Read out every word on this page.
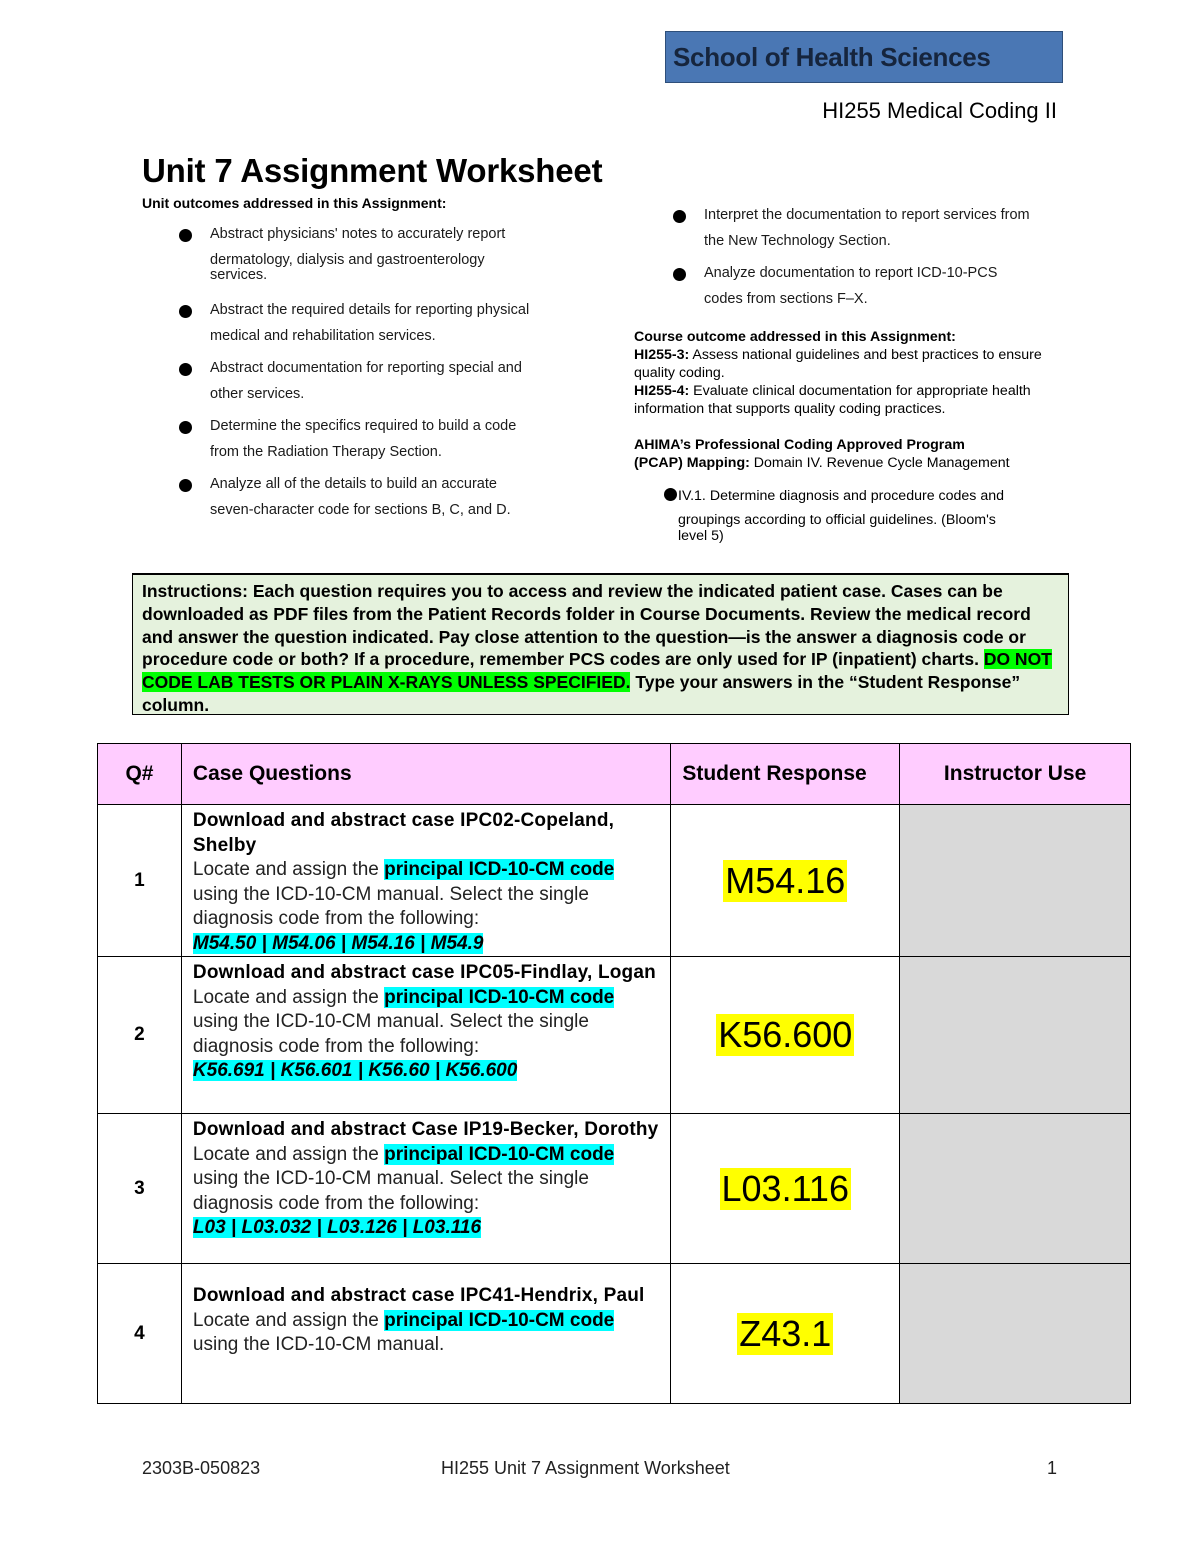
School of Health Sciences
HI255 Medical Coding II
Unit 7 Assignment Worksheet
Unit outcomes addressed in this Assignment:
Abstract physicians' notes to accurately report
dermatology, dialysis and gastroenterology
services.
Abstract the required details for reporting physical
medical and rehabilitation services.
Abstract documentation for reporting special and
other services.
Determine the specifics required to build a code
from the Radiation Therapy Section.
Analyze all of the details to build an accurate
seven-character code for sections B, C, and D.
Interpret the documentation to report services from
the New Technology Section.
Analyze documentation to report ICD-10-PCS
codes from sections F–X.
Course outcome addressed in this Assignment:
HI255-3: Assess national guidelines and best practices to ensure quality coding.
HI255-4: Evaluate clinical documentation for appropriate health information that supports quality coding practices.
AHIMA’s Professional Coding Approved Program
(PCAP) Mapping: Domain IV. Revenue Cycle Management
IV.1. Determine diagnosis and procedure codes and
groupings according to official guidelines. (Bloom's
level 5)
Instructions: Each question requires you to access and review the indicated patient case. Cases can be downloaded as PDF files from the Patient Records folder in Course Documents. Review the medical record and answer the question indicated. Pay close attention to the question—is the answer a diagnosis code or procedure code or both? If a procedure, remember PCS codes are only used for IP (inpatient) charts. DO NOT CODE LAB TESTS OR PLAIN X-RAYS UNLESS SPECIFIED. Type your answers in the “Student Response” column.
Q#	Case Questions	Student Response	Instructor Use
1	Download and abstract case IPC02-Copeland, Shelby
Locate and assign the principal ICD-10-CM code using the ICD-10-CM manual. Select the single diagnosis code from the following:
M54.50 | M54.06 | M54.16 | M54.9	M54.16	
2	Download and abstract case IPC05-Findlay, Logan
Locate and assign the principal ICD-10-CM code using the ICD-10-CM manual. Select the single diagnosis code from the following:
K56.691 | K56.601 | K56.60 | K56.600	K56.600	
3	Download and abstract Case IP19-Becker, Dorothy
Locate and assign the principal ICD-10-CM code using the ICD-10-CM manual. Select the single diagnosis code from the following:
L03 | L03.032 | L03.126 | L03.116	L03.116	
4	Download and abstract case IPC41-Hendrix, Paul
Locate and assign the principal ICD-10-CM code using the ICD-10-CM manual.	Z43.1	
2303B-050823	HI255 Unit 7 Assignment Worksheet	1
